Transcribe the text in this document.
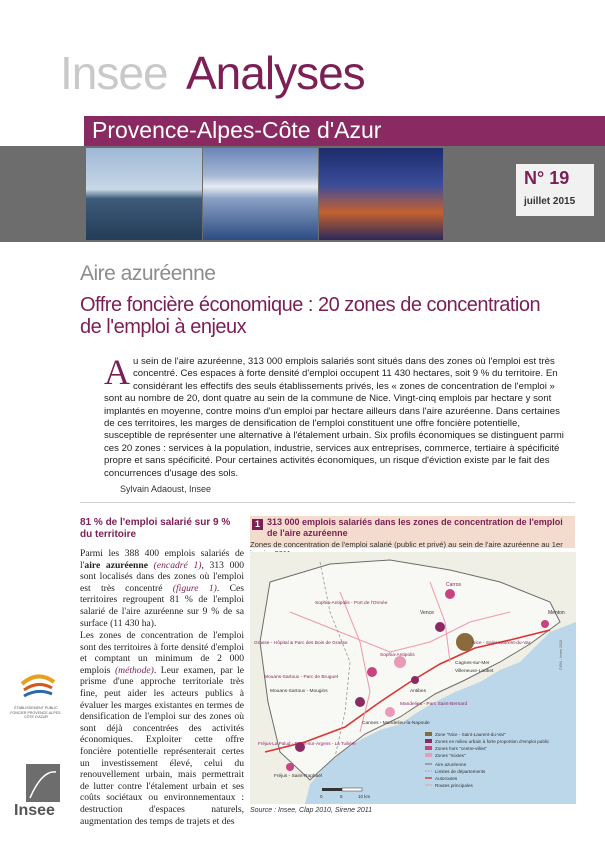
Insee Analyses
Provence-Alpes-Côte d'Azur
N° 19
juillet 2015
Aire azuréenne
Offre foncière économique : 20 zones de concentration de l'emploi à enjeux
Au sein de l'aire azuréenne, 313 000 emplois salariés sont situés dans des zones où l'emploi est très concentré. Ces espaces à forte densité d'emploi occupent 11 430 hectares, soit 9 % du territoire. En considérant les effectifs des seuls établissements privés, les « zones de concentration de l'emploi » sont au nombre de 20, dont quatre au sein de la commune de Nice. Vingt-cinq emplois par hectare y sont implantés en moyenne, contre moins d'un emploi par hectare ailleurs dans l'aire azuréenne. Dans certaines de ces territoires, les marges de densification de l'emploi constituent une offre foncière potentielle, susceptible de représenter une alternative à l'étalement urbain. Six profils économiques se distinguent parmi ces 20 zones : services à la population, industrie, services aux entreprises, commerce, tertiaire à spécificité propre et sans spécificité. Pour certaines activités économiques, un risque d'éviction existe par le fait des concurrences d'usage des sols.
Sylvain Adaoust, Insee
81 % de l'emploi salarié sur 9 % du territoire
Parmi les 388 400 emplois salariés de l'aire azuréenne (encadré 1), 313 000 sont localisés dans des zones où l'emploi est très concentré (figure 1). Ces territoires regroupent 81 % de l'emploi salarié de l'aire azuréenne sur 9 % de sa surface (11 430 ha).
Les zones de concentration de l'emploi sont des territoires à forte densité d'emploi et comptant un minimum de 2 000 emplois (méthode). Leur examen, par le prisme d'une approche territoriale très fine, peut aider les acteurs publics à évaluer les marges existantes en termes de densification de l'emploi sur des zones où sont déjà concentrées des activités économiques. Exploiter cette offre foncière potentielle représenterait certes un investissement élevé, celui du renouvellement urbain, mais permettrait de lutter contre l'étalement urbain et ses coûts sociétaux ou environnementaux : destruction d'espaces naturels, augmentation des temps de trajets et des
1 313 000 emplois salariés dans les zones de concentration de l'emploi de l'aire azuréenne
Zones de concentration de l'emploi salarié (public et privé) au sein de l'aire azuréenne au 1er
Sophia-Antipolis - Port de l'Ormée
Carros
Vence	Menton
Nice - Saint-Laurent-du-Var
Grasse - Hôpital & Parc des Bois de Grasse
Sophia-Antipolis
Cagnes-sur-Mer
Villeneuve-Loubet
Mouans-Sartoux - Parc de Bruguet
Antibes
Mouans-Sartoux - Mougins
Mandelieu - Parc Saint-Bernard
Cannes - Mandelieu-la-Napoule
Fréjus-La Palud - Puget-sur-Argens - La Tuilière
Fréjus - Saint-Raphaël
©IGN - Insee 2015
0	5	10 km
Zone "Nice - Saint-Laurent-du-Var"
Zones en milieu urbain à forte proportion d'emploi public
Zones hors "centre-villes"
Zones "mixtes"
Aire azuréenne
Limites de départements
Autoroutes
Routes principales
Source : Insee, Clap 2010, Sirene 2011
ÉTABLISSEMENT PUBLIC FONCIER PROVENCE-ALPES-CÔTE D'AZUR
Insee
